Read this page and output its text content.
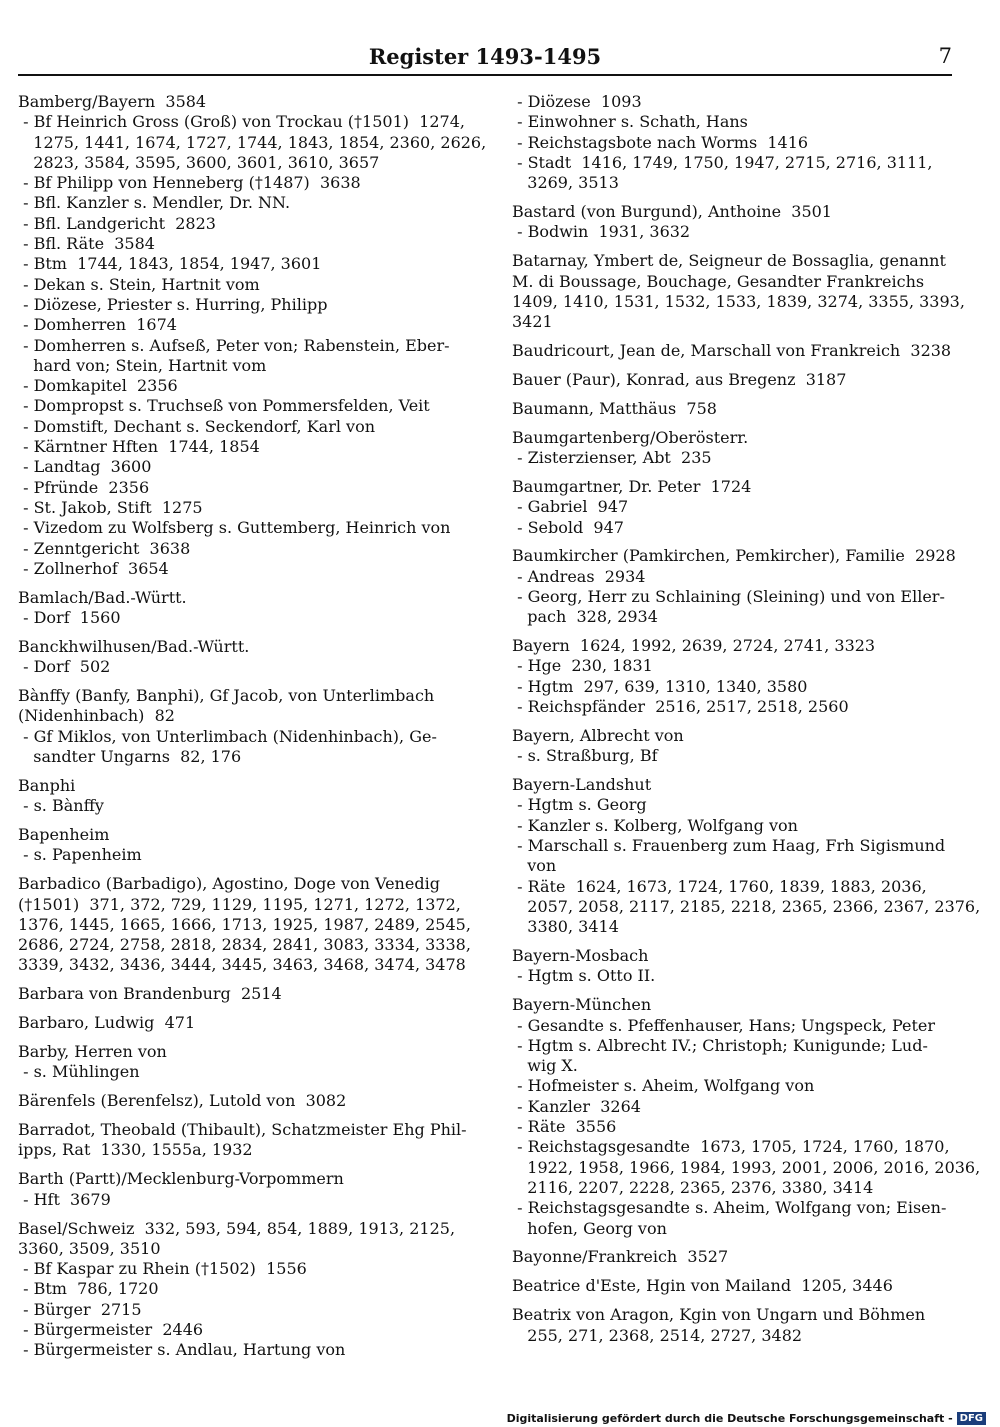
Register 1493-1495	7
Bamberg/Bayern  3584
- Bf Heinrich Gross (Groß) von Trockau (†1501)  1274,
1275, 1441, 1674, 1727, 1744, 1843, 1854, 2360, 2626,
2823, 3584, 3595, 3600, 3601, 3610, 3657
- Bf Philipp von Henneberg (†1487)  3638
- Bfl. Kanzler s. Mendler, Dr. NN.
- Bfl. Landgericht  2823
- Bfl. Räte  3584
- Btm  1744, 1843, 1854, 1947, 3601
- Dekan s. Stein, Hartnit vom
- Diözese, Priester s. Hurring, Philipp
- Domherren  1674
- Domherren s. Aufseß, Peter von; Rabenstein, Eber-
hard von; Stein, Hartnit vom
- Domkapitel  2356
- Dompropst s. Truchseß von Pommersfelden, Veit
- Domstift, Dechant s. Seckendorf, Karl von
- Kärntner Hften  1744, 1854
- Landtag  3600
- Pfründe  2356
- St. Jakob, Stift  1275
- Vizedom zu Wolfsberg s. Guttemberg, Heinrich von
- Zenntgericht  3638
- Zollnerhof  3654
Bamlach/Bad.-Württ.
- Dorf  1560
Banckhwilhusen/Bad.-Württ.
- Dorf  502
Bànffy (Banfy, Banphi), Gf Jacob, von Unterlimbach
(Nidenhinbach)  82
- Gf Miklos, von Unterlimbach (Nidenhinbach), Ge-
sandter Ungarns  82, 176
Banphi
- s. Bànffy
Bapenheim
- s. Papenheim
Barbadico (Barbadigo), Agostino, Doge von Venedig
(†1501)  371, 372, 729, 1129, 1195, 1271, 1272, 1372,
1376, 1445, 1665, 1666, 1713, 1925, 1987, 2489, 2545,
2686, 2724, 2758, 2818, 2834, 2841, 3083, 3334, 3338,
3339, 3432, 3436, 3444, 3445, 3463, 3468, 3474, 3478
Barbara von Brandenburg  2514
Barbaro, Ludwig  471
Barby, Herren von
- s. Mühlingen
Bärenfels (Berenfelsz), Lutold von  3082
Barradot, Theobald (Thibault), Schatzmeister Ehg Phil-
ipps, Rat  1330, 1555a, 1932
Barth (Partt)/Mecklenburg-Vorpommern
- Hft  3679
Basel/Schweiz  332, 593, 594, 854, 1889, 1913, 2125,
3360, 3509, 3510
- Bf Kaspar zu Rhein (†1502)  1556
- Btm  786, 1720
- Bürger  2715
- Bürgermeister  2446
- Bürgermeister s. Andlau, Hartung von
- Diözese  1093
- Einwohner s. Schath, Hans
- Reichstagsbote nach Worms  1416
- Stadt  1416, 1749, 1750, 1947, 2715, 2716, 3111,
3269, 3513
Bastard (von Burgund), Anthoine  3501
- Bodwin  1931, 3632
Batarnay, Ymbert de, Seigneur de Bossaglia, genannt
M. di Boussage, Bouchage, Gesandter Frankreichs
1409, 1410, 1531, 1532, 1533, 1839, 3274, 3355, 3393,
3421
Baudricourt, Jean de, Marschall von Frankreich  3238
Bauer (Paur), Konrad, aus Bregenz  3187
Baumann, Matthäus  758
Baumgartenberg/Oberösterr.
- Zisterzienser, Abt  235
Baumgartner, Dr. Peter  1724
- Gabriel  947
- Sebold  947
Baumkircher (Pamkirchen, Pemkircher), Familie  2928
- Andreas  2934
- Georg, Herr zu Schlaining (Sleining) und von Eller-
pach  328, 2934
Bayern  1624, 1992, 2639, 2724, 2741, 3323
- Hge  230, 1831
- Hgtm  297, 639, 1310, 1340, 3580
- Reichspfänder  2516, 2517, 2518, 2560
Bayern, Albrecht von
- s. Straßburg, Bf
Bayern-Landshut
- Hgtm s. Georg
- Kanzler s. Kolberg, Wolfgang von
- Marschall s. Frauenberg zum Haag, Frh Sigismund
von
- Räte  1624, 1673, 1724, 1760, 1839, 1883, 2036,
2057, 2058, 2117, 2185, 2218, 2365, 2366, 2367, 2376,
3380, 3414
Bayern-Mosbach
- Hgtm s. Otto II.
Bayern-München
- Gesandte s. Pfeffenhauser, Hans; Ungspeck, Peter
- Hgtm s. Albrecht IV.; Christoph; Kunigunde; Lud-
wig X.
- Hofmeister s. Aheim, Wolfgang von
- Kanzler  3264
- Räte  3556
- Reichstagsgesandte  1673, 1705, 1724, 1760, 1870,
1922, 1958, 1966, 1984, 1993, 2001, 2006, 2016, 2036,
2116, 2207, 2228, 2365, 2376, 3380, 3414
- Reichstagsgesandte s. Aheim, Wolfgang von; Eisen-
hofen, Georg von
Bayonne/Frankreich  3527
Beatrice d'Este, Hgin von Mailand  1205, 3446
Beatrix von Aragon, Kgin von Ungarn und Böhmen
255, 271, 2368, 2514, 2727, 3482
Digitalisierung gefördert durch die Deutsche Forschungsgemeinschaft - DFG
